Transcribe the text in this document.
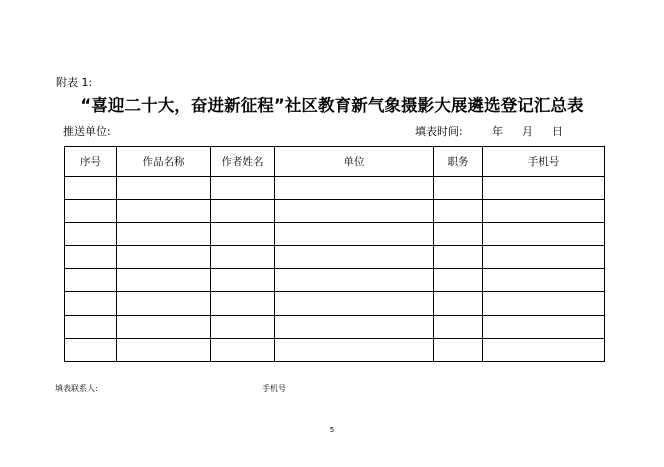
附表 1:
“喜迎二十大，奋进新征程”社区教育新气象摄影大展遴选登记汇总表
推送单位:	填表时间:	年 月 日
序号	作品名称	作者姓名	单位	职务	手机号

填表联系人:	手机号
5
